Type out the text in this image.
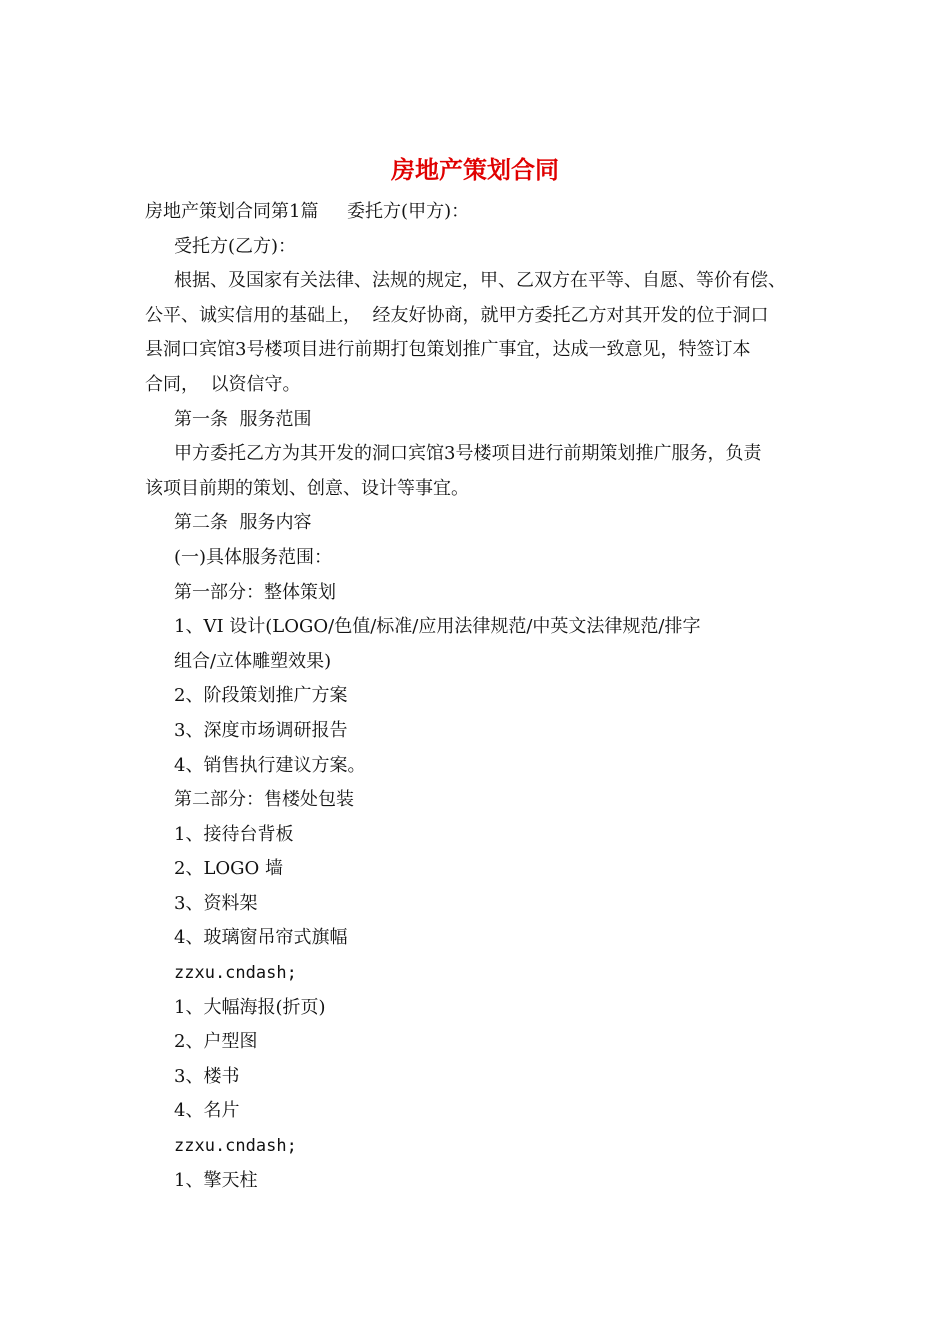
房地产策划合同

房地产策划合同第1篇     委托方(甲方)：

受托方(乙方)：

根据、及国家有关法律、法规的规定，甲、乙双方在平等、自愿、等价有偿、

公平、诚实信用的基础上，  经友好协商，就甲方委托乙方对其开发的位于洞口

县洞口宾馆3号楼项目进行前期打包策划推广事宜，达成一致意见，特签订本

合同，  以资信守。

第一条  服务范围

甲方委托乙方为其开发的洞口宾馆3号楼项目进行前期策划推广服务，负责

该项目前期的策划、创意、设计等事宜。

第二条  服务内容

(一)具体服务范围：

第一部分：整体策划

1、VI 设计(LOGO/色值/标准/应用法律规范/中英文法律规范/排字

组合/立体雕塑效果)

2、阶段策划推广方案

3、深度市场调研报告

4、销售执行建议方案。

第二部分：售楼处包装

1、接待台背板

2、LOGO 墙

3、资料架

4、玻璃窗吊帘式旗幅

zzxu.cndash;

1、大幅海报(折页)

2、户型图

3、楼书

4、名片

zzxu.cndash;

1、擎天柱
